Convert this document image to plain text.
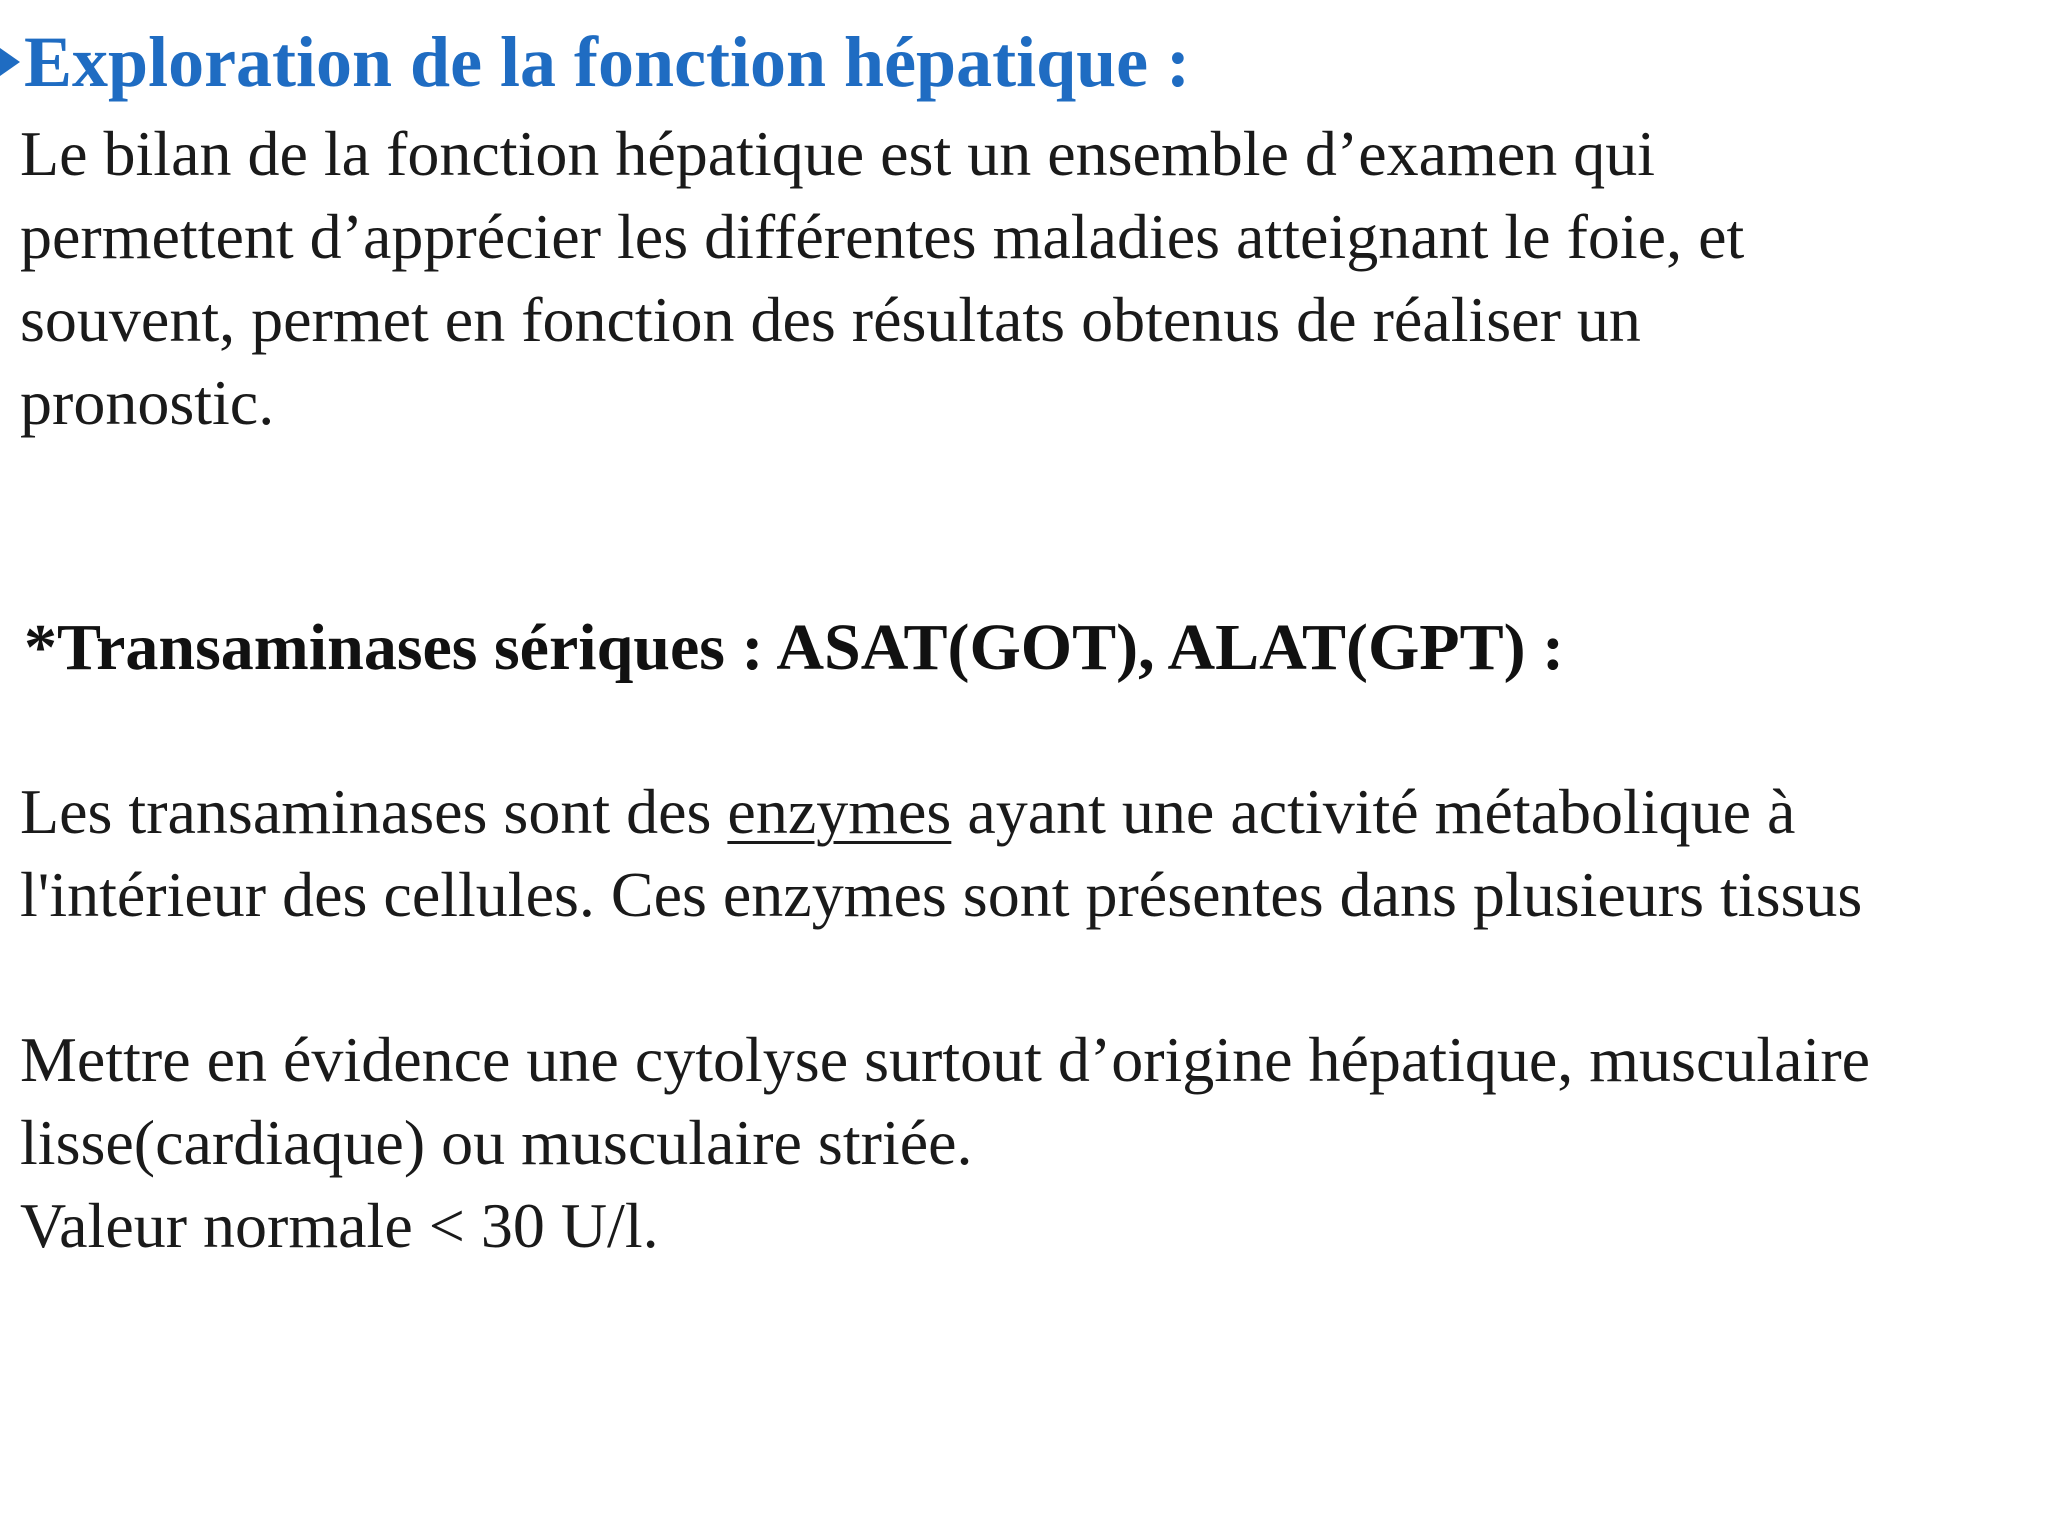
Exploration de la fonction hépatique :
Le bilan de la fonction hépatique est un ensemble d’examen qui
permettent d’apprécier les différentes maladies atteignant le foie, et
souvent, permet en fonction des résultats obtenus de réaliser un
pronostic.
*Transaminases sériques : ASAT(GOT), ALAT(GPT) :
Les transaminases sont des enzymes ayant une activité métabolique à
l'intérieur des cellules. Ces enzymes sont présentes dans plusieurs tissus
Mettre en évidence une cytolyse surtout d’origine hépatique, musculaire
lisse(cardiaque) ou musculaire striée.
Valeur normale < 30 U/l.
